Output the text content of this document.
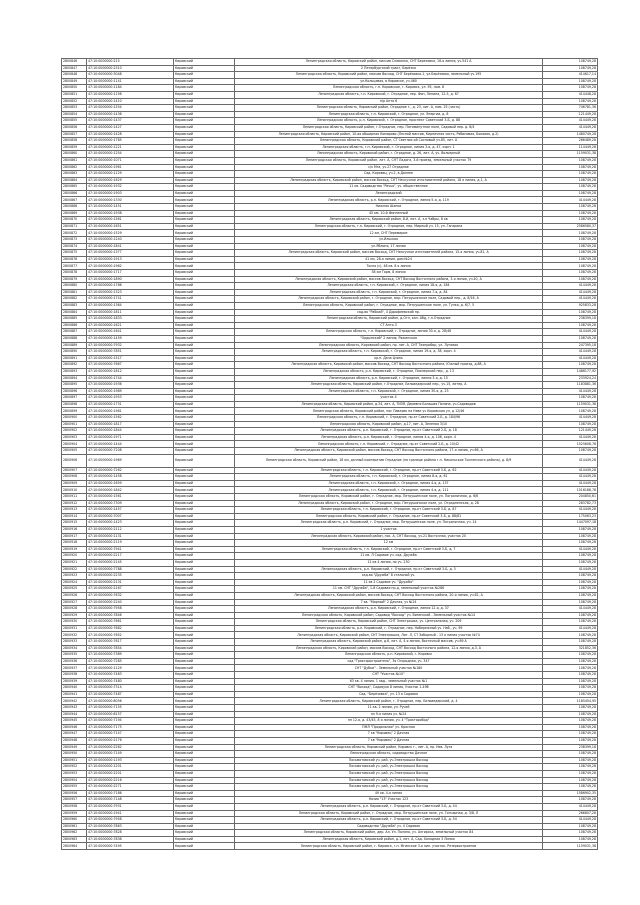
2800846	47:10:0000000:215	Кировский	Ленинградская область, Кировский район, массив Славянка, СНТ Березовка, 16-я линия, уч.541 А	108749,28
2800847	47:10:0000000:2310	Кировский	2 Петербургский тракт, Берёзка	108749,28
2800848	47:10:0000000:3048	Кировский	Ленинградская область, Кировский район, массив Восход, СНТ Берёзовка-1, ул.Берёзовая, земельный уч.195	414617,14
2800849	47:10:0000000:1141	Кировский	ул.Кольцевая, в Кировске, уч.460	108749,28
2800850	47:10:0000000:1184	Кировский	Ленинградская область, г.п. Кировское, г. Кировск, ул. 95, пом. 8	108749,28
2800851	47:10:0000000:1156	Кировский	Ленинградская область, г.п. Кировский, г. Отрадное, пер. Фон, Ленина, 12-5, д. 67	414448,28
2800852	47:10:0000000:1410	Кировский	п/р Апто 6	108749,28
2800853	47:10:0000000:1554	Кировский	Ленинградская область, Кировский район, Отрадное г., д. 23, лит. А, пом. 25 (часть)	746781,36
2800854	47:10:0000000:1436	Кировский	Ленинградская область, г.п. Кировский, г. Отрадное, ул. Энергии, д. 8	121449,28
2800855	47:10:0000000:1437	Кировский	Ленинградская область, р-н. Кировский, г. Отрадное, проспект Советский 3-Б, д. 88	414449,28
2800856	47:10:0000000:1427	Кировский	Ленинградская область, Кировский район, г.Отрадное, пер. Пятиминутное поле, Садовый пер. д. 8/4	414449,28
2800857	47:10:0000000:1428	Кировский	Ленинградская область, Кировский район, 10-ая обширная Комарово (Лесной массив, Кирпичная часть, Рябиновая, Боковая, д.2)	1480749,28
2800858	47:10:0000000:1785	Кировский	Ленинградская область, Кировский район, СТ Светлое-ой Сосновый уч.85, лит. А	266489,28
2800859	47:10:0000000:1221	Кировский	Ленинградская область, г.п. Кировский, г. Отрадное, линия 3-я, д. 47, корп. 1	114449,28
2800860	47:10:0000000:1254	Кировский	Ленинградская область, Кировский район, г. Отрадное, д. 26, лит. А, уч. Вольерный	1159031,38
2800861	47:10:0000000:1071	Кировский	Ленинградская область, Кировский район, лит. А, СНТ Ладога, 3-й проезд, земельный участок 79	108749,28
2800862	47:10:0000000:1961	Кировский	с/х Мга, уч.27 Отрадное	108749,28
2800863	47:10:0000000:1129	Кировский	Сад. Кировец, уч.2, в Далнее	108749,28
2800864	47:10:0000000:1629	Кировский	Ленинградская область, Кировский район, массив Восход, СНТ Нескучное изготовителей района, 18 я линия, д.1, А	108749,28
2800865	47:10:0000000:1932	Кировский	11 кв. Садоводство "Рачья", уч. общественное	108749,28
2800866	47:10:0000000:1903	Кировский	Ленинградский	108749,28
2800867	47:10:0000000:1330	Кировский	Ленинградская область, р-н. Кировский, г. Отрадное, линия 5-я, д. 119	414449,28
2800868	47:10:0000000:1451	Кировский	Нижняя Шапки	108749,28
2800869	47:10:0000000:1938	Кировский	45 км. 10-й Фигненный	108749,28
2800870	47:10:0000000:1561	Кировский	Ленинградская область, Кировский район, 8-й, лит. А, з-е Чабры, 8 кв	108749,28
2800871	47:10:0000000:1651	Кировский	Ленинградская область, г.п. Кировский, г. Отрадное, пер. Мирный уч. 15, ул. Гагарина	2586580,37
2800872	47:10:0000000:1529	Кировский	12 км, СНТ Перемирие	108749,28
2800873	47:10:0000000:1240	Кировский	ул.Ильская	108749,28
2800874	47:10:0000000:1841	Кировский	ул.Яблоня, 17 линия	108749,28
2800875	47:10:0000000:1377	Кировский	Ленинградская область, Кировский район, массив Восход, СНТ Нескучное изготовителей района, 15-я линия, уч.81, А	108749,28
2800876	47:10:0000000:1913	Кировский	41 км, 28-я линия, дом №24	108749,28
2800877	47:10:0000000:1962	Кировский	Тосно (с), 48 кв. 8 я линия	108749,28
2800878	47:10:0000000:1717	Кировский	38 км Торм, 8 линия	108749,28
2800879	47:10:0000000:1890	Кировский	Ленинградская область, Кировский район, массив Восход, СНТ Восход Восточного района, 3-я линия, уч.40, А	108749,28
2800880	47:10:0000000:1786	Кировский	Ленинградская область, г.п. Кировский, г. Отрадное, линия 18-я, д. 184	414449,28
2800881	47:10:0000000:1323	Кировский	Ленинградская область, г.п. Кировский, г. Отрадное, линия 7-я, д. 84	414449,28
2800882	47:10:0000000:1741	Кировский	Ленинградская область, Кировский район, г. Отрадное, мкр. Петрушинское поле, Садовый пер., д. 8/16, А	414449,28
2800883	47:10:0000000:1364	Кировский	Ленинградская область, Кировский район, г. Отрадное, мкр. Петрушинское поле, ул. Тулка, д. 6/7, 5	925833,28
2800884	47:10:0000000:1811	Кировский	сад-во "Рабкий", 4 Дорофеевский пр.	108749,28
2800885	47:10:0000000:1833	Кировский	Ленинградская область, Кировский район, д.Отл, кан. Абд, г.п.Отрадное	238399,18
2800886	47:10:0000000:1621	Кировский	СТ Апто-3	108749,28
2800887	47:10:0000000:1641	Кировский	Ленинградская область, г.п. Кировский, г. Отрадное, линия 30-я, д. 28/46	414449,28
2800888	47:10:0000000:1459	Кировский	"Ордынский" 2 линия, Ряжинская	108749,28
2800889	47:10:0000000:7932	Кировский	Ленинградская область, Кировский район, пр. лит. А, СНТ Техприбор, ул. Луговая	247395,18
2800890	47:10:0000000:7851	Кировский	Ленинградская область, г.п. Кировский, г. Отрадное, линия 19-я, д. 38, корп. 4	414449,28
2800891	47:10:0000000:1517	Кировский	кр.п. Дача Цзинь	414449,28
2800892	47:10:0000000:7667	Кировский	Ленинградская область, Кировский район, массив Восход, СНТ Восход Восточного района, Южный проезд, д.88, А	108749,28
2800893	47:10:0000000:1812	Кировский	Ленинградская область, р-н. Кировский, г. Отрадное, Пионерский пер., д. 13	1486177,92
2800894	47:10:0000000:1744	Кировский	Ленинградская область, р-н. Кировский, г. Отрадное, линия 3-я, д. 15	233924,24
2800895	47:10:0000000:1936	Кировский	Ленинградская область, Кировский район, г.Отрадное, Бельведерский пер., уч.15, литер, А	1183881,36
2800896	47:10:0000000:1989	Кировский	Ленинградская область, г.п. Кировский, г. Отрадное, линия 30-я, д. 23	414449,28
2800897	47:10:0000000:1953	Кировский	участок 4	108749,28
2800898	47:10:0000000:1731	Кировский	Ленинградская область, Кировский район, д.34, лит. А, ТИЗЯ, Деревня Большая Поляна, уч.Садоводов	1159031,38
2800899	47:10:0000000:1981	Кировский	Ленинградская область, Кировский район, пос Павлово на Неве уч Кировская ул, д 12/46	108749,28
2800900	47:10:0000000:1562	Кировский	Ленинградская область, г.п. Кировский, г. Отрадное, пр-кт Советский 2-Б, д. 184/96	414449,28
2800901	47:10:0000000:1817	Кировский	Ленинградская область, Кировский район, д.17, лит. А, Зеленая 3/10	108749,28
2800902	47:10:0000000:1844	Кировский	Ленинградская область, р-н. Кировский, г. Отрадное, пр-кт Советский 2-Б, д. 18	121449,28
2800903	47:10:0000000:1971	Кировский	Ленинградская область, р-н. Кировский, г. Отрадное, линия 4-я, д. 106, корп. 4	414449,28
2800904	47:10:0000000:1444	Кировский	Ленинградская область, г.п. Кировский, г. Отрадное, пр-кт Советский 2-Б, д. 10/42	1525608,78
2800905	47:10:0000000:7208	Кировский	Ленинградская область, Кировский район, массив Восход, СНТ Восход Восточного района, 17-я линия, уч.66, А	108749,28
2800906	47:10:0000000:1969	Кировский	Ленинградская область, Кировский район, 18 км, дачный кооператив Отрадное (на границе района г.п. Никольское Тосненского района), д. 8/9	414449,28
2800907	47:10:0000000:7262	Кировский	Ленинградская область, г.п. Кировский, г. Отрадное, пр-кт Советский 3-Б, д. 62	414449,28
2800908	47:10:0000000:1458	Кировский	Ленинградская область, г.п. Кировский, г. Отрадное, линия 8-я, д. 61	414449,28
2800909	47:10:0000000:1659	Кировский	Ленинградская область, г.п. Кировский, г. Отрадное, линия 4-я, д. 137	414449,28
2800910	47:10:0000000:1842	Кировский	Ленинградская область, г.п. Кировский, г. Отрадное, линия 4-я, д. 111	1516188,78
2800911	47:10:0000000:1561	Кировский	Ленинградская область, Кировский район, г. Отрадное, мкр. Петрушинское поле, ул. Пограничная, д. 6/6	204850,61
2800912	47:10:0000000:7309	Кировский	Ленинградская область, Кировский район, г. Отрадное, мкр. Петрушинское поле, ул. Отрадненская, д. 28	283782,73
2800913	47:10:0000000:1457	Кировский	Ленинградская область, г.п. Кировский, г. Отрадное, пр-кт Советский 3-Б, д. 87	414449,28
2800914	47:10:0000000:7007	Кировский	Ленинградская область, Кировский район, г. Отрадное, пр-кт Советский 3-Б, д. 88/81	175063,23
2800915	47:10:0000000:1423	Кировский	Ленинградская область, р-н. Кировский, г. Отрадное, мкр. Петрушинское поле, ул. Пограничная, уч. 14	1447097,18
2800916	47:10:0000000:2112	Кировский	1 участок	108749,28
2800917	47:10:0000000:1131	Кировский	Ленинградская область, Кировский район, пос. А, СНТ Восход, уч.21 Восточная, участок 20	108749,28
2800918	47:10:0000000:2119	Кировский	12 км	108749,28
2800919	47:10:0000000:7941	Кировский	Ленинградская область, г.п. Кировский, г. Отрадное, пр-кт Советский 3-Б, д. 7	414449,28
2800920	47:10:0000000:2217	Кировский	11 кв. Л Садовое уч. сад. Дружба	108749,28
2800921	47:10:0000000:2145	Кировский	11 кв 4 линия, по уч. 230	108749,28
2800922	47:10:0000000:7788	Кировский	Ленинградская область, р-н. Кировский, г. Отрадное, пр-кт Советский 3-Б, д. 3	414449,28
2800923	47:10:0000000:2235	Кировский	сад-во "Дружба" 8 стальной уч.	108749,28
2800924	47:10:0000000:2131	Кировский	11 кв 2 Садовое уч. "Дружба"	108749,28
2800925	47:10:0000000:2167	Кировский	11 км. СНТ "Дружба", 1-й Садовая пр-д, земельный участок №286	108749,28
2800926	47:10:0000000:7632	Кировский	Ленинградская область, Кировский район, массив Восход, СНТ Восход Восточного района, 20-я линия, уч.62, А	108749,28
2800927	47:10:0000000:2240	Кировский	7 кв. "Мирный" 2 Дачная, уч №24	108749,28
2800928	47:10:0000000:7958	Кировский	Ленинградская область, р-н. Кировский, г. Отрадное, линия 12-я, д. 37	414449,28
2800929	47:10:0000000:7846	Кировский	Ленинградская область, Кировский район, Садовод "Восход" уч. Визенский - Земельный участок №14	108749,28
2800930	47:10:0000000:7661	Кировский	Ленинградская область, Кировский район, СНТ Электрошка, уч. Центральная, уч. 209	108749,28
2800931	47:10:0000000:7682	Кировский	Ленинградская область, р-н. Кировский, г. Отрадное, пер. Набережный уч. Наб., уч. 99	414449,28
2800932	47:10:0000000:7652	Кировский	Ленинградская область, Кировский район, СНТ Электрошка, Лит. Л, СТ Заборный - 13 я линия участок №74	108749,28
2800933	47:10:0000000:7617	Кировский	Ленинградская область, Кировский район, д.6, лит. А, 4-я линия, Восточный массив, уч.69 А	108749,28
2800934	47:10:0000000:7854	Кировский	Ленинградская область, Кировский район, массив Восход, СНТ Восход Восточного района, 12-я линия, д.3, А	321852,36
2800935	47:10:0000000:7389	Кировский	Ленинградская область, р-н. Кировский, г. Кировск	108749,28
2800936	47:10:0000000:7285	Кировский	сад "Тракторостроитель", 3я Огородная, уч. 347	108749,28
2800937	47:10:0000000:1129	Кировский	СНТ "Дубки" - Земельный участок №180	108749,28
2800938	47:10:0000000:7463	Кировский	СНТ "Участок №10"	108749,28
2800939	47:10:0000000:7480	Кировский	63 кв. 4 линия. 1 квд.. земельный участок №1	108749,28
2800940	47:10:0000000:7314	Кировский	СНТ "Восход", Садовуха 8 линия, Участок 1-49б	108749,28
2800941	47:10:0000000:7487	Кировский	Сад. "Берёзовка", уч. 13 я Садовая	108749,28
2800942	47:10:0000000:8056	Кировский	Ленинградская область, Кировский район, г. Отрадное, пер. Бельведерский, д. 4	1185454,95
2800943	47:10:0000000:7155	Кировский	11 кв. 2 линия, ул. Ручей	108749,28
2800944	47:10:0000000:8157	Кировский	пл 9-я линия уч. №24	108749,28
2800945	47:10:0000000:7194	Кировский	пп 12-я, д. 43/45, 8 я линия, уч. 4 "Тракторобод"	108749,28
2800946	47:10:0000000:7175	Кировский	ПМЛ "Продольная" уч. Красная	108749,28
2800947	47:10:0000000:7147	Кировский	7 кв "Кировец" 2 Дачная	108749,28
2800948	47:10:0000000:2176	Кировский	7 кв "Кировец" 2 Дачная	108749,28
2800949	47:10:0000000:2262	Кировский	Ленинградская область, Кировский район, Кировск г., лит. А, пр. Нев. Луга	238399,18
2800950	47:10:0000000:7149	Кировский	Ленинградская область, садоводство Дачное	108749,28
2800951	47:10:0000000:1193	Кировский	Посьмотовский уч. рай, уч.Электрошка Восход	108749,28
2800952	47:10:0000000:1201	Кировский	Посьмотовский уч. рай, уч.Электрошка Восход	108749,28
2800953	47:10:0000000:2201	Кировский	Посьмотовский уч. рай, уч.Электрошка Восход	108749,28
2800954	47:10:0000000:2216	Кировский	Посьмотовский уч. рай, уч.Электрошка Восход	108749,28
2800955	47:10:0000000:2271	Кировский	Посьмотовский уч. рай, уч.Электрошка Восход	108749,28
2800956	47:10:0000000:7186	Кировский	49 кв. 4-я линия	1586902,35
2800957	47:10:0000000:7148	Кировский	Назия "13" Участок 123	108749,28
2800958	47:10:0000000:7931	Кировский	Ленинградская область, р-н. Кировский, г. Отрадное, пр-кт Советский 3-Б, д. 44	414449,28
2800959	47:10:0000000:1941	Кировский	Ленинградская область, Кировский район, г. Отрадное, мкр. Петрушинское поле, ул. Гончарная, д. 3/8, Л	266807,28
2800960	47:10:0000000:7958	Кировский	Ленинградская область, р-н. Кировский, г. Отрадное, пр-кт Советский 3-Б, д. 54	414449,28
2800961	47:10:0000000:7863	Кировский	Садоводство "Дружба" уч. 4 Садовая	108749,28
2800962	47:10:0000000:7828	Кировский	Ленинградская область, Кировский район, дер. Ал. Ул. Поляна, уч. Алгирска, земельный участок 84	108749,28
2800963	47:10:0000000:7838	Кировский	Ленинградская область, Кировский район, д.1, лит. А, Сад. Холодная 3 Линия	108749,28
2800964	47:10:0000000:7495	Кировский	Ленинградская область, Кировский район, г. Кировск, г.п. Мгинское 3-я лин. участок. Резервостроение	1159031,38
